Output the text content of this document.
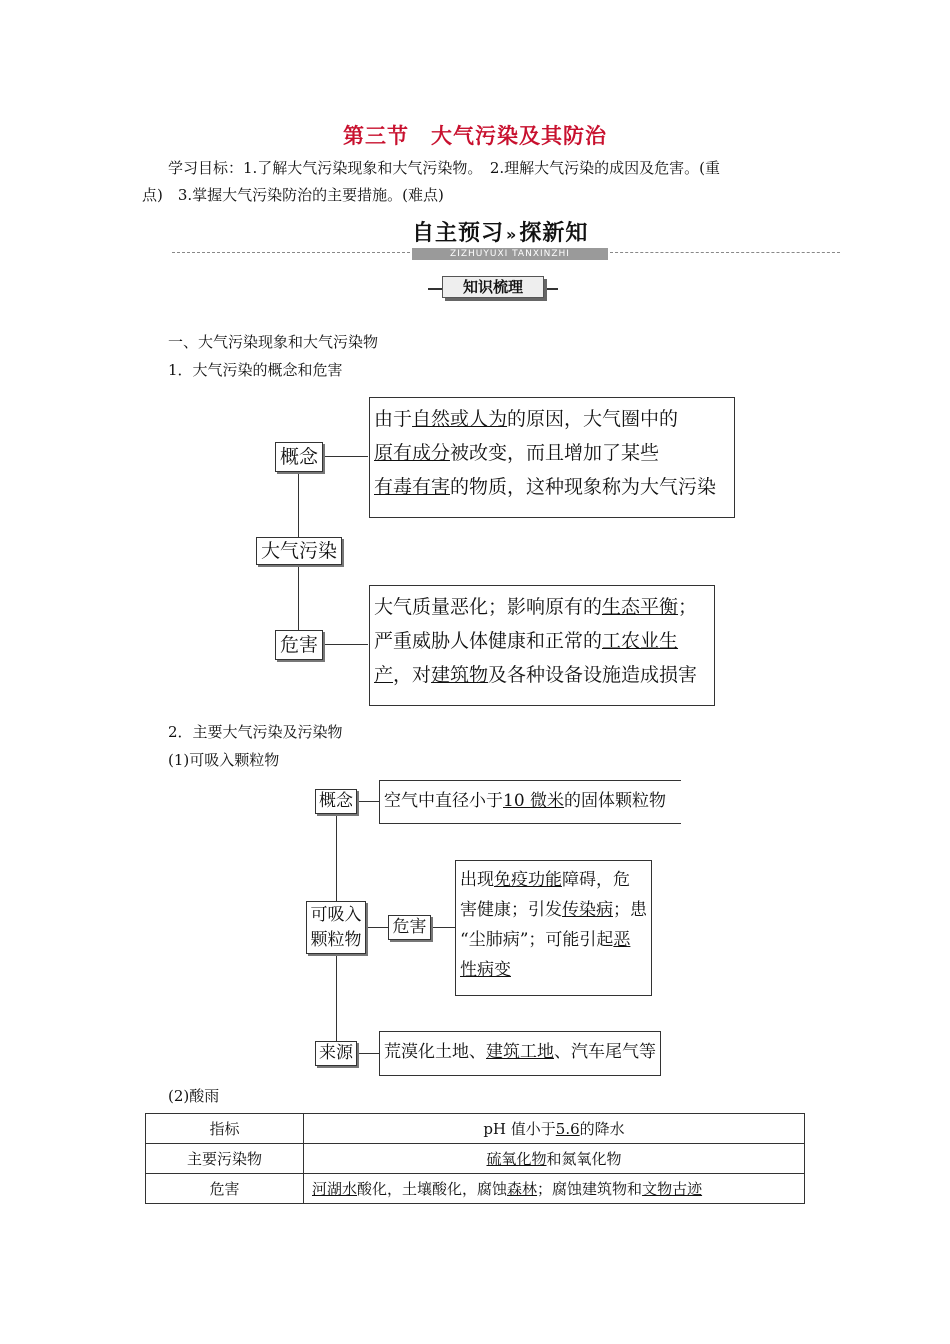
第三节　大气污染及其防治
学习目标：1.了解大气污染现象和大气污染物。　2.理解大气污染的成因及危害。(重
点)　3.掌握大气污染防治的主要措施。(难点)
自主预习 »探新知
ZIZHUYUXI TANXINZHI
知识梳理
一、大气污染现象和大气污染物
1．大气污染的概念和危害
概念
大气污染
危害
由于自然或人为的原因，大气圈中的
原有成分被改变，而且增加了某些
有毒有害的物质，这种现象称为大气污染
大气质量恶化；影响原有的生态平衡；
严重威胁人体健康和正常的工农业生
产，对建筑物及各种设备设施造成损害
2．主要大气污染及污染物
(1)可吸入颗粒物
概念
可吸入
颗粒物
危害
来源
空气中直径小于10 微米的固体颗粒物
出现免疫功能障碍，危
害健康；引发传染病；患
“尘肺病”；可能引起恶
性病变
荒漠化土地、建筑工地、汽车尾气等
(2)酸雨
指标	pH 值小于5.6的降水
主要污染物	硫氧化物和氮氧化物
危害	河湖水酸化，土壤酸化，腐蚀森林；腐蚀建筑物和文物古迹
